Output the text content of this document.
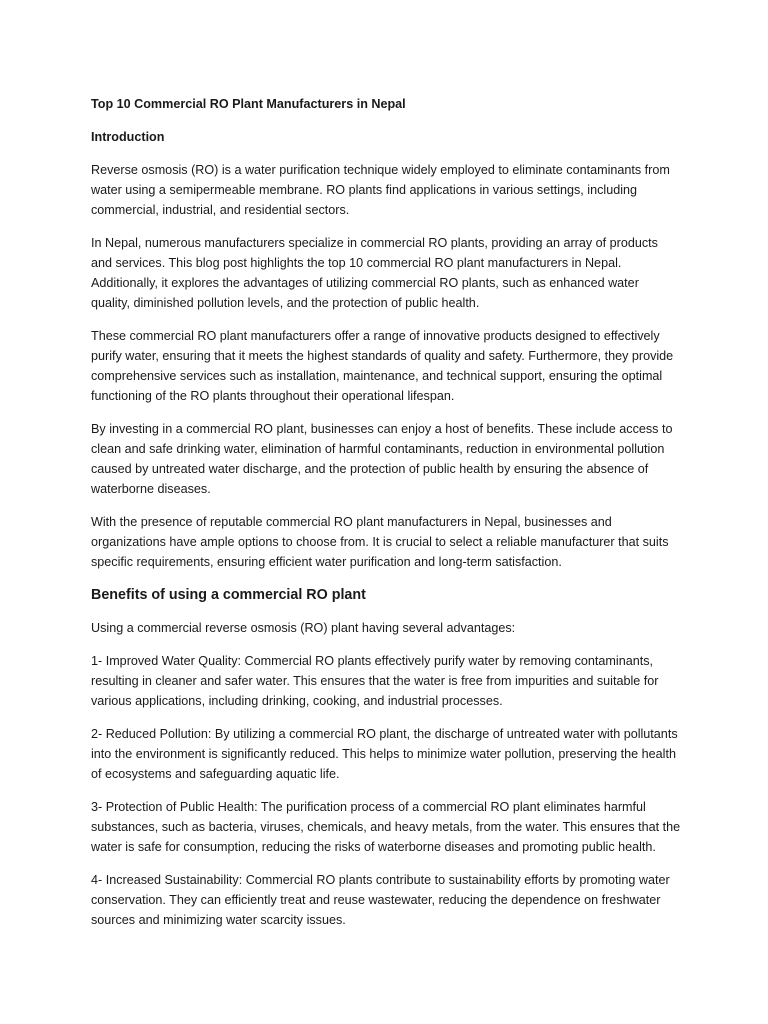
Top 10 Commercial RO Plant Manufacturers in Nepal
Introduction

Reverse osmosis (RO) is a water purification technique widely employed to eliminate contaminants from water using a semipermeable membrane. RO plants find applications in various settings, including commercial, industrial, and residential sectors.

In Nepal, numerous manufacturers specialize in commercial RO plants, providing an array of products and services. This blog post highlights the top 10 commercial RO plant manufacturers in Nepal. Additionally, it explores the advantages of utilizing commercial RO plants, such as enhanced water quality, diminished pollution levels, and the protection of public health.

These commercial RO plant manufacturers offer a range of innovative products designed to effectively purify water, ensuring that it meets the highest standards of quality and safety. Furthermore, they provide comprehensive services such as installation, maintenance, and technical support, ensuring the optimal functioning of the RO plants throughout their operational lifespan.

By investing in a commercial RO plant, businesses can enjoy a host of benefits. These include access to clean and safe drinking water, elimination of harmful contaminants, reduction in environmental pollution caused by untreated water discharge, and the protection of public health by ensuring the absence of waterborne diseases.

With the presence of reputable commercial RO plant manufacturers in Nepal, businesses and organizations have ample options to choose from. It is crucial to select a reliable manufacturer that suits specific requirements, ensuring efficient water purification and long-term satisfaction.

Benefits of using a commercial RO plant

Using a commercial reverse osmosis (RO) plant having several advantages:

1- Improved Water Quality: Commercial RO plants effectively purify water by removing contaminants, resulting in cleaner and safer water. This ensures that the water is free from impurities and suitable for various applications, including drinking, cooking, and industrial processes.

2- Reduced Pollution: By utilizing a commercial RO plant, the discharge of untreated water with pollutants into the environment is significantly reduced. This helps to minimize water pollution, preserving the health of ecosystems and safeguarding aquatic life.

3- Protection of Public Health: The purification process of a commercial RO plant eliminates harmful substances, such as bacteria, viruses, chemicals, and heavy metals, from the water. This ensures that the water is safe for consumption, reducing the risks of waterborne diseases and promoting public health.

4- Increased Sustainability: Commercial RO plants contribute to sustainability efforts by promoting water conservation. They can efficiently treat and reuse wastewater, reducing the dependence on freshwater sources and minimizing water scarcity issues.
